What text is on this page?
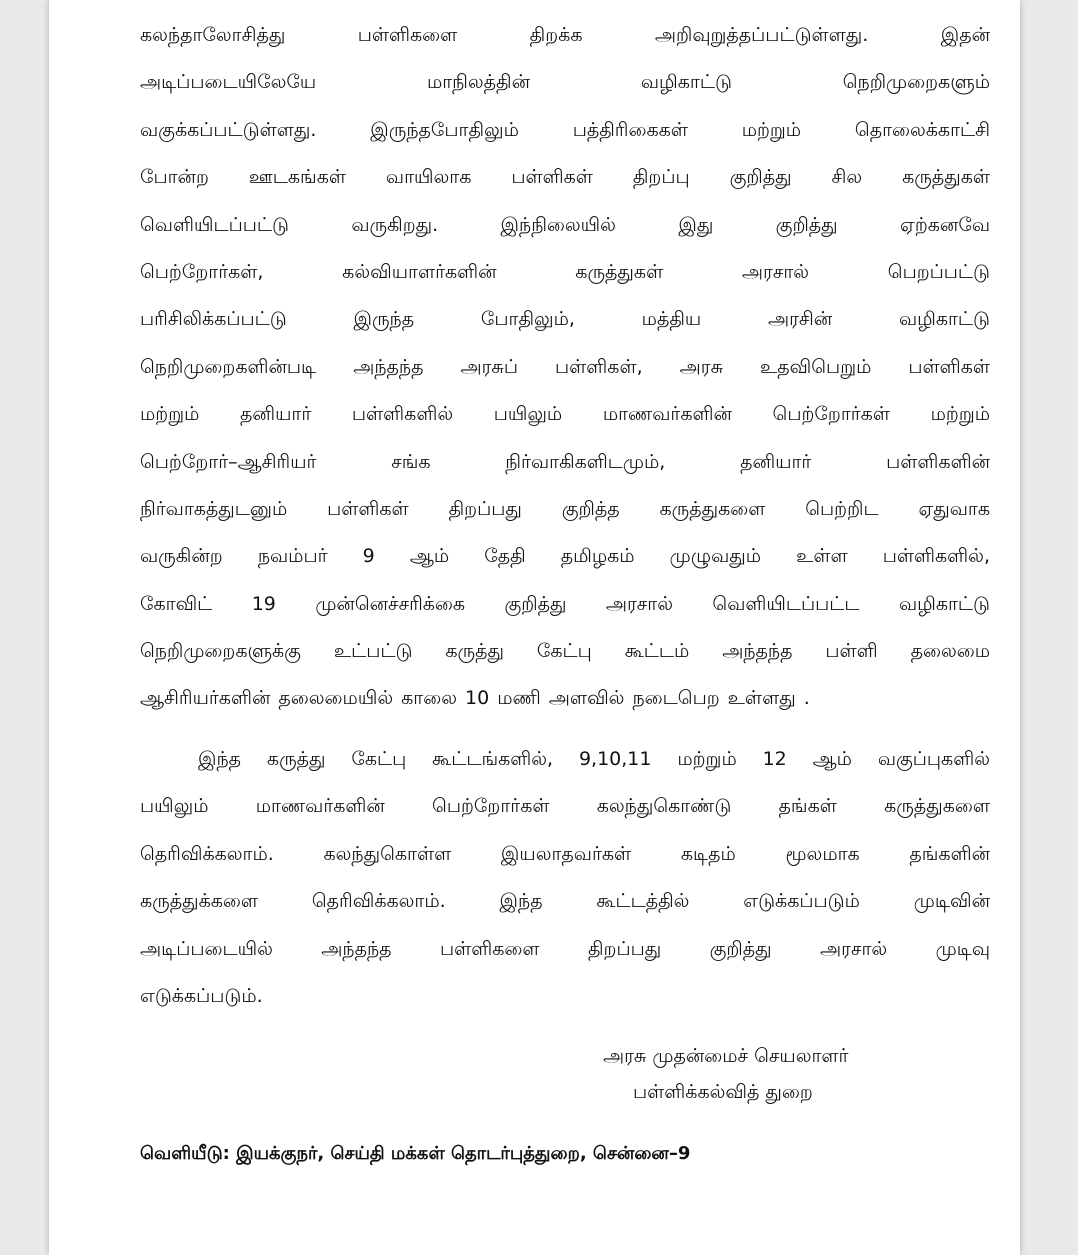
கலந்தாலோசித்து பள்ளிகளை திறக்க அறிவுறுத்தப்பட்டுள்ளது. இதன்
அடிப்படையிலேயே மாநிலத்தின் வழிகாட்டு நெறிமுறைகளும்
வகுக்கப்பட்டுள்ளது. இருந்தபோதிலும் பத்திரிகைகள் மற்றும் தொலைக்காட்சி
போன்ற ஊடகங்கள் வாயிலாக பள்ளிகள் திறப்பு குறித்து சில கருத்துகள்
வெளியிடப்பட்டு வருகிறது. இந்நிலையில் இது குறித்து ஏற்கனவே
பெற்றோர்கள், கல்வியாளர்களின் கருத்துகள் அரசால் பெறப்பட்டு
பரிசிலிக்கப்பட்டு இருந்த போதிலும், மத்திய அரசின் வழிகாட்டு
நெறிமுறைகளின்படி அந்தந்த அரசுப் பள்ளிகள், அரசு உதவிபெறும் பள்ளிகள்
மற்றும் தனியார் பள்ளிகளில் பயிலும் மாணவர்களின் பெற்றோர்கள் மற்றும்
பெற்றோர்–ஆசிரியர் சங்க நிர்வாகிகளிடமும், தனியார் பள்ளிகளின்
நிர்வாகத்துடனும் பள்ளிகள் திறப்பது குறித்த கருத்துகளை பெற்றிட ஏதுவாக
வருகின்ற நவம்பர் 9 ஆம் தேதி தமிழகம் முழுவதும் உள்ள பள்ளிகளில்,
கோவிட் 19 முன்னெச்சரிக்கை குறித்து அரசால் வெளியிடப்பட்ட வழிகாட்டு
நெறிமுறைகளுக்கு உட்பட்டு கருத்து கேட்பு கூட்டம் அந்தந்த பள்ளி தலைமை
ஆசிரியர்களின் தலைமையில் காலை 10 மணி அளவில் நடைபெற உள்ளது .
இந்த கருத்து கேட்பு கூட்டங்களில், 9,10,11 மற்றும் 12 ஆம் வகுப்புகளில்
பயிலும் மாணவர்களின் பெற்றோர்கள் கலந்துகொண்டு தங்கள் கருத்துகளை
தெரிவிக்கலாம். கலந்துகொள்ள இயலாதவர்கள் கடிதம் மூலமாக தங்களின்
கருத்துக்களை தெரிவிக்கலாம். இந்த கூட்டத்தில் எடுக்கப்படும் முடிவின்
அடிப்படையில் அந்தந்த பள்ளிகளை திறப்பது குறித்து அரசால் முடிவு
எடுக்கப்படும்.
அரசு முதன்மைச் செயலாளர்
பள்ளிக்கல்வித் துறை
வெளியீடு: இயக்குநர், செய்தி மக்கள் தொடர்புத்துறை, சென்னை–9
